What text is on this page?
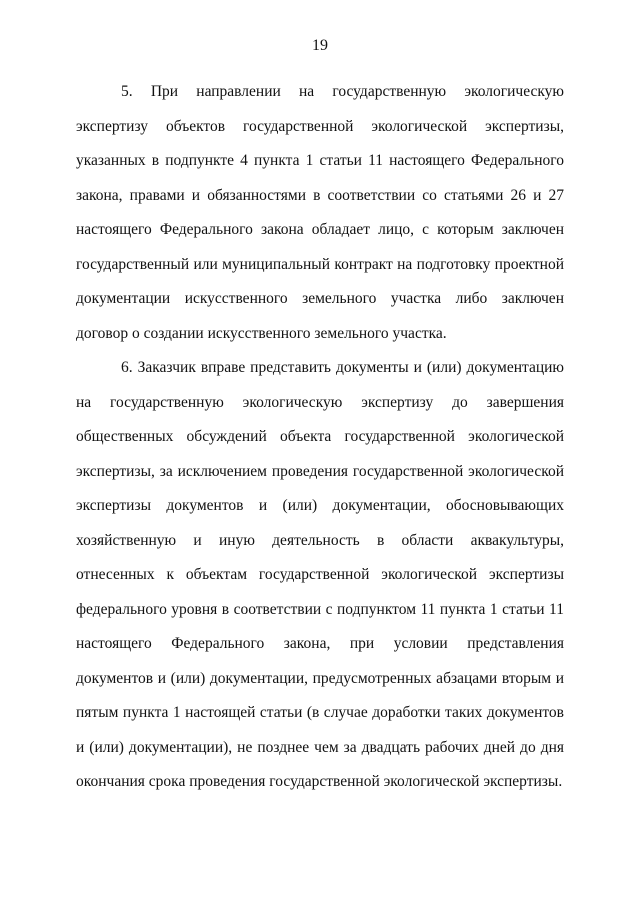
19

5. При направлении на государственную экологическую экспертизу объектов государственной экологической экспертизы, указанных в подпункте 4 пункта 1 статьи 11 настоящего Федерального закона, правами и обязанностями в соответствии со статьями 26 и 27 настоящего Федерального закона обладает лицо, с которым заключен государственный или муниципальный контракт на подготовку проектной документации искусственного земельного участка либо заключен договор о создании искусственного земельного участка.

6. Заказчик вправе представить документы и (или) документацию на государственную экологическую экспертизу до завершения общественных обсуждений объекта государственной экологической экспертизы, за исключением проведения государственной экологической экспертизы документов и (или) документации, обосновывающих хозяйственную и иную деятельность в области аквакультуры, отнесенных к объектам государственной экологической экспертизы федерального уровня в соответствии с подпунктом 11 пункта 1 статьи 11 настоящего Федерального закона, при условии представления документов и (или) документации, предусмотренных абзацами вторым и пятым пункта 1 настоящей статьи (в случае доработки таких документов и (или) документации), не позднее чем за двадцать рабочих дней до дня окончания срока проведения государственной экологической экспертизы.
